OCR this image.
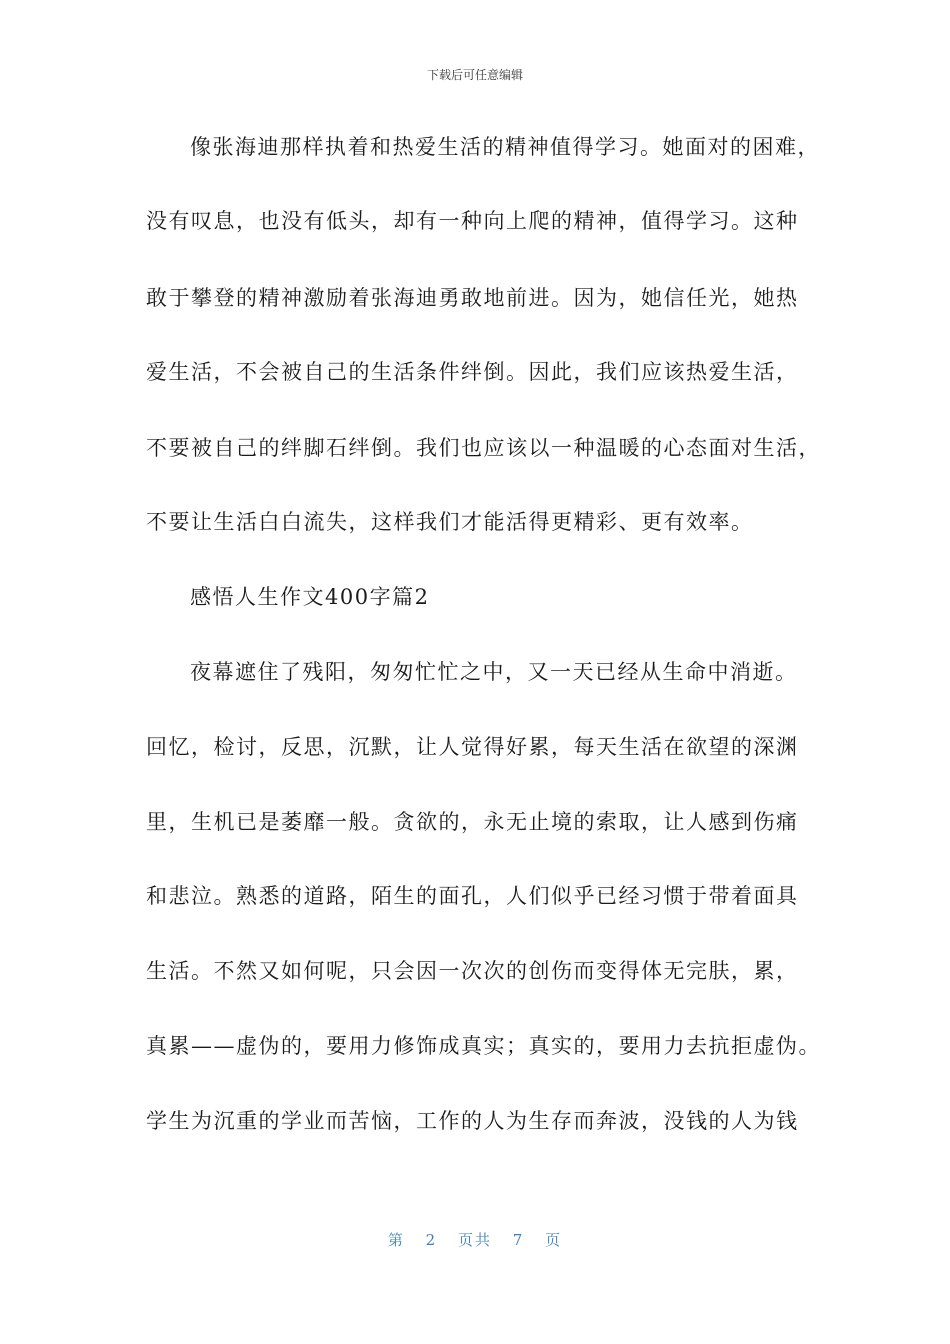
下载后可任意编辑
像张海迪那样执着和热爱生活的精神值得学习。她面对的困难，
没有叹息，也没有低头，却有一种向上爬的精神，值得学习。这种
敢于攀登的精神激励着张海迪勇敢地前进。因为，她信任光，她热
爱生活，不会被自己的生活条件绊倒。因此，我们应该热爱生活，
不要被自己的绊脚石绊倒。我们也应该以一种温暖的心态面对生活，
不要让生活白白流失，这样我们才能活得更精彩、更有效率。
感悟人生作文400字篇2
夜幕遮住了残阳，匆匆忙忙之中，又一天已经从生命中消逝。
回忆，检讨，反思，沉默，让人觉得好累，每天生活在欲望的深渊
里，生机已是萎靡一般。贪欲的，永无止境的索取，让人感到伤痛
和悲泣。熟悉的道路，陌生的面孔，人们似乎已经习惯于带着面具
生活。不然又如何呢，只会因一次次的创伤而变得体无完肤，累，
真累——虚伪的，要用力修饰成真实；真实的，要用力去抗拒虚伪。
学生为沉重的学业而苦恼，工作的人为生存而奔波，没钱的人为钱
第 2 页共 7 页
